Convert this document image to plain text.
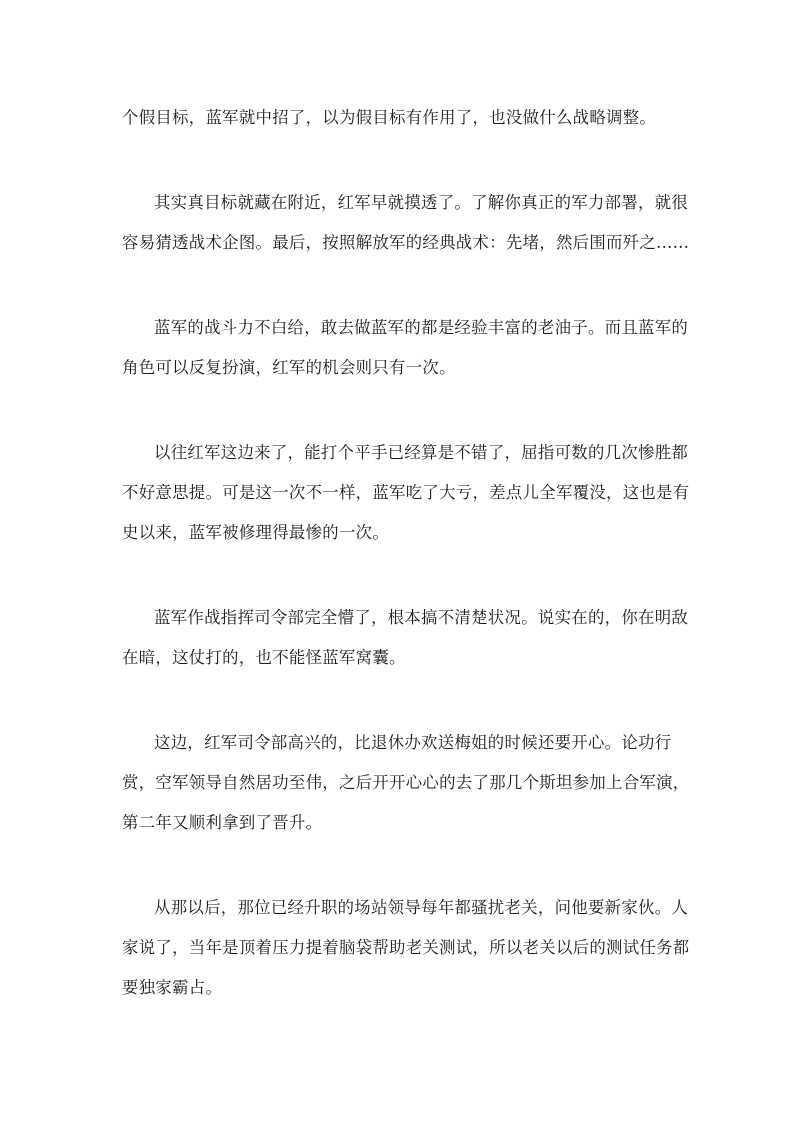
个假目标，蓝军就中招了，以为假目标有作用了，也没做什么战略调整。
其实真目标就藏在附近，红军早就摸透了。了解你真正的军力部署，就很
容易猜透战术企图。最后，按照解放军的经典战术：先堵，然后围而歼之......
蓝军的战斗力不白给，敢去做蓝军的都是经验丰富的老油子。而且蓝军的
角色可以反复扮演，红军的机会则只有一次。
以往红军这边来了，能打个平手已经算是不错了，屈指可数的几次惨胜都
不好意思提。可是这一次不一样，蓝军吃了大亏，差点儿全军覆没，这也是有
史以来，蓝军被修理得最惨的一次。
蓝军作战指挥司令部完全懵了，根本搞不清楚状况。说实在的，你在明敌
在暗，这仗打的，也不能怪蓝军窝囊。
这边，红军司令部高兴的，比退休办欢送梅姐的时候还要开心。论功行
赏，空军领导自然居功至伟，之后开开心心的去了那几个斯坦参加上合军演，
第二年又顺利拿到了晋升。
从那以后，那位已经升职的场站领导每年都骚扰老关，问他要新家伙。人
家说了，当年是顶着压力提着脑袋帮助老关测试，所以老关以后的测试任务都
要独家霸占。
